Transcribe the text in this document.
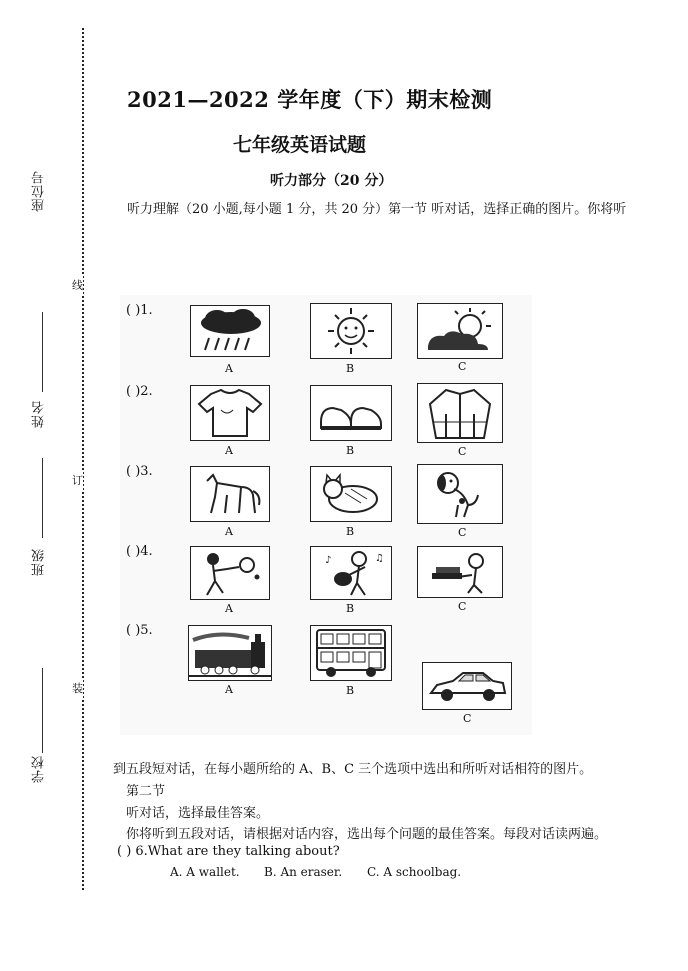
线
订
装
座位号
姓名
班级
学校
2021—2022 学年度（下）期末检测
七年级英语试题
听力部分（20 分）
听力理解（20 小题,每小题 1 分，共 20 分）第一节 听对话，选择正确的图片。你将听
( )1.
A	B	C
( )2.
A	B	C
( )3.
A	B	C
( )4.
♪	♫
A	B	C
( )5.
A	B
C
到五段短对话，在每小题所给的 A、B、C 三个选项中选出和所听对话相符的图片。
第二节
听对话，选择最佳答案。
你将听到五段对话，请根据对话内容，选出每个问题的最佳答案。每段对话读两遍。
( ) 6.What are they talking about?
A. A wallet. B. An eraser. C. A schoolbag.
